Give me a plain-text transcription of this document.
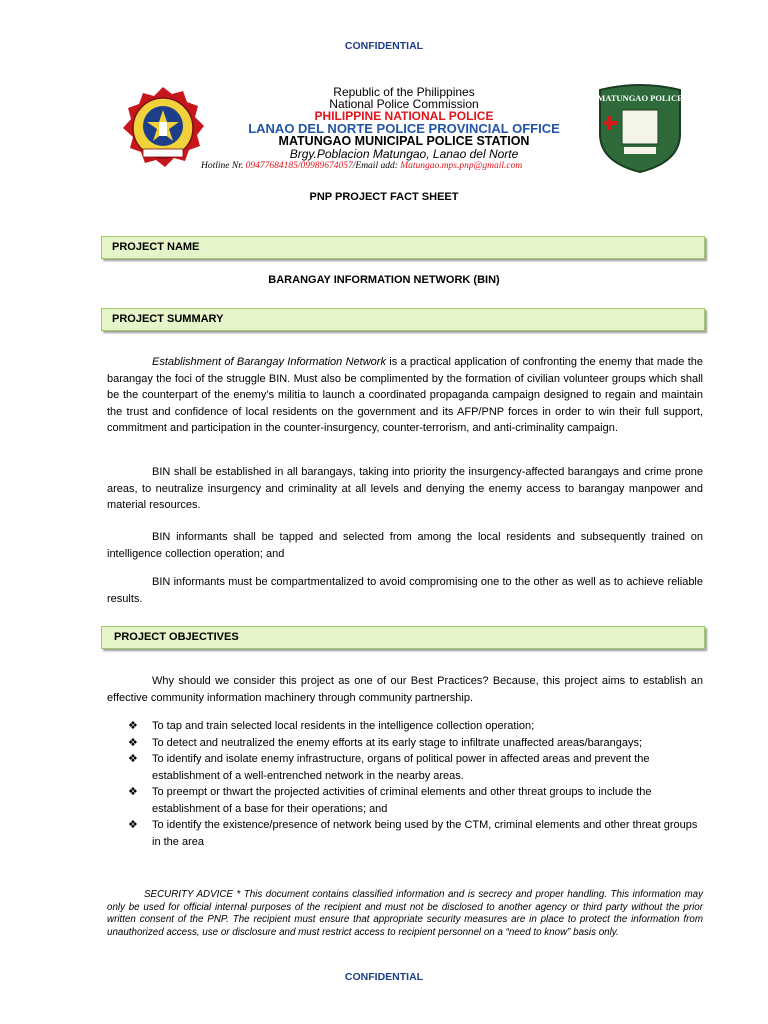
CONFIDENTIAL
Republic of the Philippines
National Police Commission
PHILIPPINE NATIONAL POLICE
LANAO DEL NORTE POLICE PROVINCIAL OFFICE
MATUNGAO MUNICIPAL POLICE STATION
Brgy.Poblacion Matungao, Lanao del Norte
Hotline Nr. 09477684185/09989674057/Email add: Matungao.mps.pnp@gmail.com
MATUNGAO POLICE
PNP PROJECT FACT SHEET
PROJECT NAME
BARANGAY INFORMATION NETWORK (BIN)
PROJECT SUMMARY

Establishment of Barangay Information Network is a practical application of confronting the enemy that made the barangay the foci of the struggle BIN. Must also be complimented by the formation of civilian volunteer groups which shall be the counterpart of the enemy’s militia to launch a coordinated propaganda campaign designed to regain and maintain the trust and confidence of local residents on the government and its AFP/PNP forces in order to win their full support, commitment and participation in the counter-insurgency, counter-terrorism, and anti-criminality campaign.

BIN shall be established in all barangays, taking into priority the insurgency-affected barangays and crime prone areas, to neutralize insurgency and criminality at all levels and denying the enemy access to barangay manpower and material resources.

BIN informants shall be tapped and selected from among the local residents and subsequently trained on intelligence collection operation; and

BIN informants must be compartmentalized to avoid compromising one to the other as well as to achieve reliable results.

PROJECT OBJECTIVES

Why should we consider this project as one of our Best Practices? Because, this project aims to establish an effective community information machinery through community partnership.

❖ To tap and train selected local residents in the intelligence collection operation;
❖ To detect and neutralized the enemy efforts at its early stage to infiltrate unaffected areas/barangays;
❖ To identify and isolate enemy infrastructure, organs of political power in affected areas and prevent the establishment of a well-entrenched network in the nearby areas.
❖ To preempt or thwart the projected activities of criminal elements and other threat groups to include the establishment of a base for their operations; and
❖ To identify the existence/presence of network being used by the CTM, criminal elements and other threat groups in the area

SECURITY ADVICE * This document contains classified information and is secrecy and proper handling. This information may only be used for official internal purposes of the recipient and must not be disclosed to another agency or third party without the prior written consent of the PNP. The recipient must ensure that appropriate security measures are in place to protect the information from unauthorized access, use or disclosure and must restrict access to recipient personnel on a “need to know” basis only.

CONFIDENTIAL
